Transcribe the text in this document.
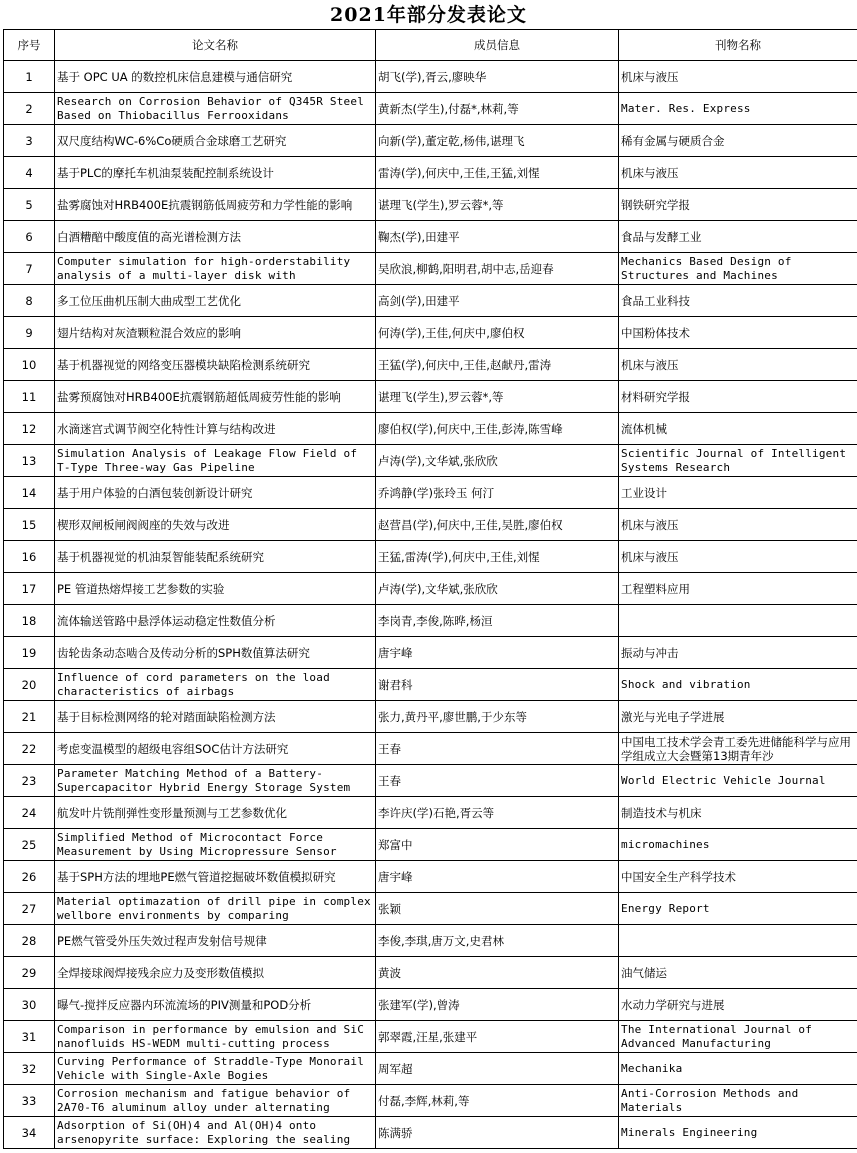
2021年部分发表论文
序号	论文名称	成员信息	刊物名称

1	基于 OPC UA 的数控机床信息建模与通信研究	胡飞(学),胥云,廖映华	机床与液压

2	Research on Corrosion Behavior of Q345R Steel Based on Thiobacillus Ferrooxidans	黄新杰(学生),付磊*,林莉,等	Mater. Res. Express

3	双尺度结构WC-6%Co硬质合金球磨工艺研究	向新(学),董定乾,杨伟,谌理飞	稀有金属与硬质合金

4	基于PLC的摩托车机油泵装配控制系统设计	雷涛(学),何庆中,王佳,王猛,刘惺	机床与液压

5	盐雾腐蚀对HRB400E抗震钢筋低周疲劳和力学性能的影响	谌理飞(学生),罗云蓉*,等	钢铁研究学报

6	白酒糟醅中酸度值的高光谱检测方法	鞠杰(学),田建平	食品与发酵工业

7	Computer simulation for high-orderstability analysis of a multi-layer disk with	吴欣浪,柳鹤,阳明君,胡中志,岳迎春	Mechanics Based Design of Structures and Machines

8	多工位压曲机压制大曲成型工艺优化	高剑(学),田建平	食品工业科技

9	翅片结构对灰渣颗粒混合效应的影响	何涛(学),王佳,何庆中,廖伯权	中国粉体技术

10	基于机器视觉的网络变压器模块缺陷检测系统研究	王猛(学),何庆中,王佳,赵献丹,雷涛	机床与液压

11	盐雾预腐蚀对HRB400E抗震钢筋超低周疲劳性能的影响	谌理飞(学生),罗云蓉*,等	材料研究学报

12	水滴迷宫式调节阀空化特性计算与结构改进	廖伯权(学),何庆中,王佳,彭涛,陈雪峰	流体机械

13	Simulation Analysis of Leakage Flow Field of T-Type Three-way Gas Pipeline	卢涛(学),文华斌,张欣欣	Scientific Journal of Intelligent Systems Research

14	基于用户体验的白酒包装创新设计研究	乔鸿静(学)张玲玉 何汀	工业设计

15	楔形双闸板闸阀阀座的失效与改进	赵营昌(学),何庆中,王佳,吴胜,廖伯权	机床与液压

16	基于机器视觉的机油泵智能装配系统研究	王猛,雷涛(学),何庆中,王佳,刘惺	机床与液压

17	PE 管道热熔焊接工艺参数的实验	卢涛(学),文华斌,张欣欣	工程塑料应用

18	流体输送管路中悬浮体运动稳定性数值分析	李岗青,李俊,陈晔,杨洹	

19	齿轮齿条动态啮合及传动分析的SPH数值算法研究	唐宇峰	振动与冲击

20	Influence of cord parameters on the load characteristics of airbags	谢君科	Shock and vibration

21	基于目标检测网络的轮对踏面缺陷检测方法	张力,黄丹平,廖世鹏,于少东等	激光与光电子学进展

22	考虑变温模型的超级电容组SOC估计方法研究	王春	中国电工技术学会青工委先进储能科学与应用学组成立大会暨第13期青年沙

23	Parameter Matching Method of a Battery-Supercapacitor Hybrid Energy Storage System	王春	World Electric Vehicle Journal

24	航发叶片铣削弹性变形量预测与工艺参数优化	李许庆(学)石艳,胥云等	制造技术与机床

25	Simplified Method of Microcontact Force Measurement by Using Micropressure Sensor	郑富中	micromachines

26	基于SPH方法的埋地PE燃气管道挖掘破坏数值模拟研究	唐宇峰	中国安全生产科学技术

27	Material optimazation of drill pipe in complex wellbore environments by comparing	张颖	Energy Report

28	PE燃气管受外压失效过程声发射信号规律	李俊,李琪,唐万文,史君林	

29	全焊接球阀焊接残余应力及变形数值模拟	黄波	油气储运

30	曝气-搅拌反应器内环流流场的PIV测量和POD分析	张建军(学),曾涛	水动力学研究与进展

31	Comparison in performance by emulsion and SiC nanofluids HS-WEDM multi-cutting process	郭翠霞,汪星,张建平	The International Journal of Advanced Manufacturing

32	Curving Performance of Straddle-Type Monorail Vehicle with Single-Axle Bogies	周军超	Mechanika

33	Corrosion mechanism and fatigue behavior of 2A70-T6 aluminum alloy under alternating	付磊,李辉,林莉,等	Anti-Corrosion Methods and Materials

34	Adsorption of Si(OH)4 and Al(OH)4 onto arsenopyrite surface: Exploring the sealing	陈满骄	Minerals Engineering
